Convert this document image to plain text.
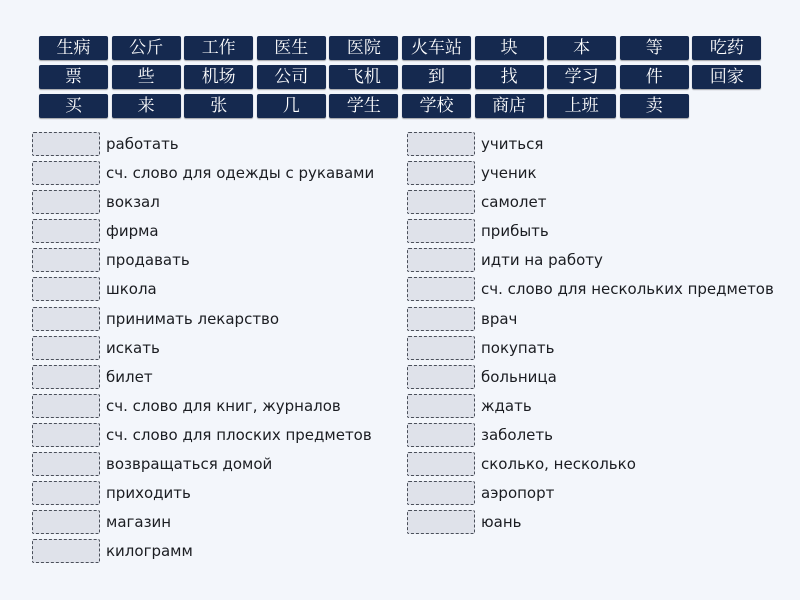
生病	公斤	工作	医生	医院	火车站	块	本	等	吃药
票	些	机场	公司	飞机	到	找	学习	件	回家
买	来	张	几	学生	学校	商店	上班	卖
работать
сч. слово для одежды с рукавами
вокзал
фирма
продавать
школа
принимать лекарство
искать
билет
сч. слово для книг, журналов
сч. слово для плоских предметов
возвращаться домой
приходить
магазин
килограмм
учиться
ученик
самолет
прибыть
идти на работу
сч. слово для нескольких предметов
врач
покупать
больница
ждать
заболеть
сколько, несколько
аэропорт
юань
